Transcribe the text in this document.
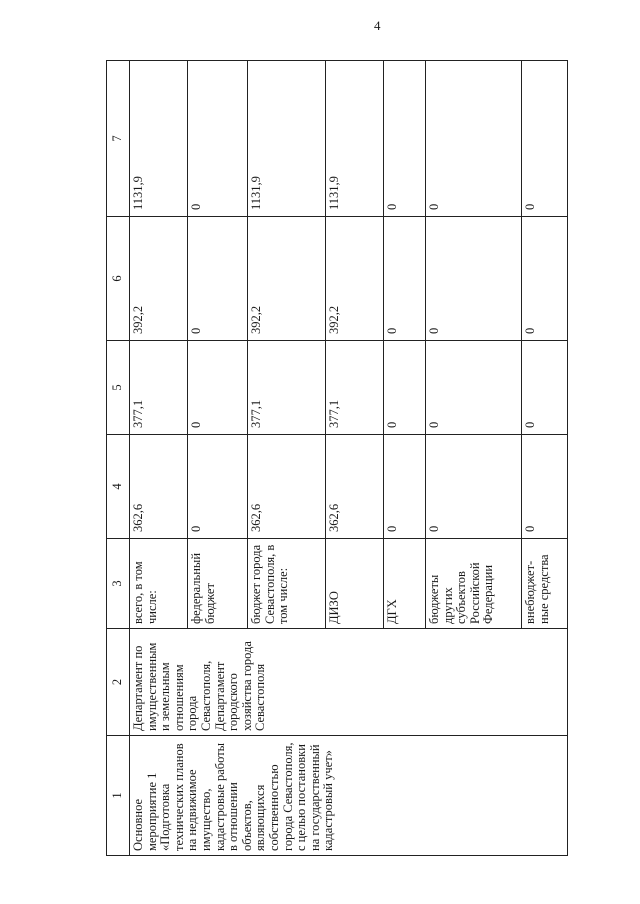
4
1	2	3	4	5	6	7
Основное мероприятие 1 «Подготовка технических планов на недвижимое имущество, кадастровые работы в отношении объектов, являющихся собственностью города Севастополя, с целью постановки на государственный кадастровый учет»	Департамент по имущественным и земельным отношениям города Севастополя, Департамент городского хозяйства города Севастополя	всего, в том числе:	362,6	377,1	392,2	1131,9
		федеральный бюджет	0	0	0	0
		бюджет города Севастополя, в том числе:	362,6	377,1	392,2	1131,9
		ДИЗО	362,6	377,1	392,2	1131,9
		ДГХ	0	0	0	0
		бюджеты других субъектов Российской Федерации	0	0	0	0
		внебюджет-ные средства	0	0	0	0
